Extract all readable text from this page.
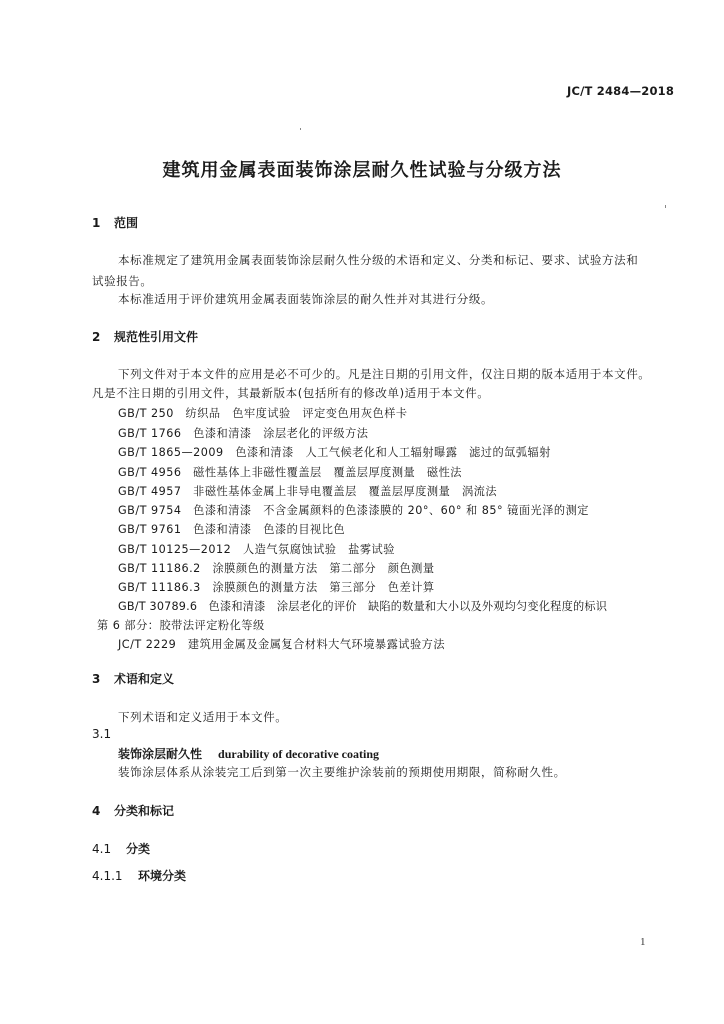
JC/T 2484—2018
建筑用金属表面装饰涂层耐久性试验与分级方法
1 范围
本标准规定了建筑用金属表面装饰涂层耐久性分级的术语和定义、分类和标记、要求、试验方法和
试验报告。
本标准适用于评价建筑用金属表面装饰涂层的耐久性并对其进行分级。
2 规范性引用文件
下列文件对于本文件的应用是必不可少的。凡是注日期的引用文件，仅注日期的版本适用于本文件。
凡是不注日期的引用文件，其最新版本(包括所有的修改单)适用于本文件。
GB/T 250　纺织品　色牢度试验　评定变色用灰色样卡
GB/T 1766　色漆和清漆　涂层老化的评级方法
GB/T 1865—2009　色漆和清漆　人工气候老化和人工辐射曝露　滤过的氙弧辐射
GB/T 4956　磁性基体上非磁性覆盖层　覆盖层厚度测量　磁性法
GB/T 4957　非磁性基体金属上非导电覆盖层　覆盖层厚度测量　涡流法
GB/T 9754　色漆和清漆　不含金属颜料的色漆漆膜的 20°、60° 和 85° 镜面光泽的测定
GB/T 9761　色漆和清漆　色漆的目视比色
GB/T 10125—2012　人造气氛腐蚀试验　盐雾试验
GB/T 11186.2　涂膜颜色的测量方法　第二部分　颜色测量
GB/T 11186.3　涂膜颜色的测量方法　第三部分　色差计算
GB/T 30789.6　色漆和清漆　涂层老化的评价　缺陷的数量和大小以及外观均匀变化程度的标识
第 6 部分：胶带法评定粉化等级
JC/T 2229　建筑用金属及金属复合材料大气环境暴露试验方法
3 术语和定义
下列术语和定义适用于本文件。
3.1
装饰涂层耐久性 durability of decorative coating
装饰涂层体系从涂装完工后到第一次主要维护涂装前的预期使用期限，简称耐久性。
4 分类和标记
4.1 分类
4.1.1 环境分类
1
